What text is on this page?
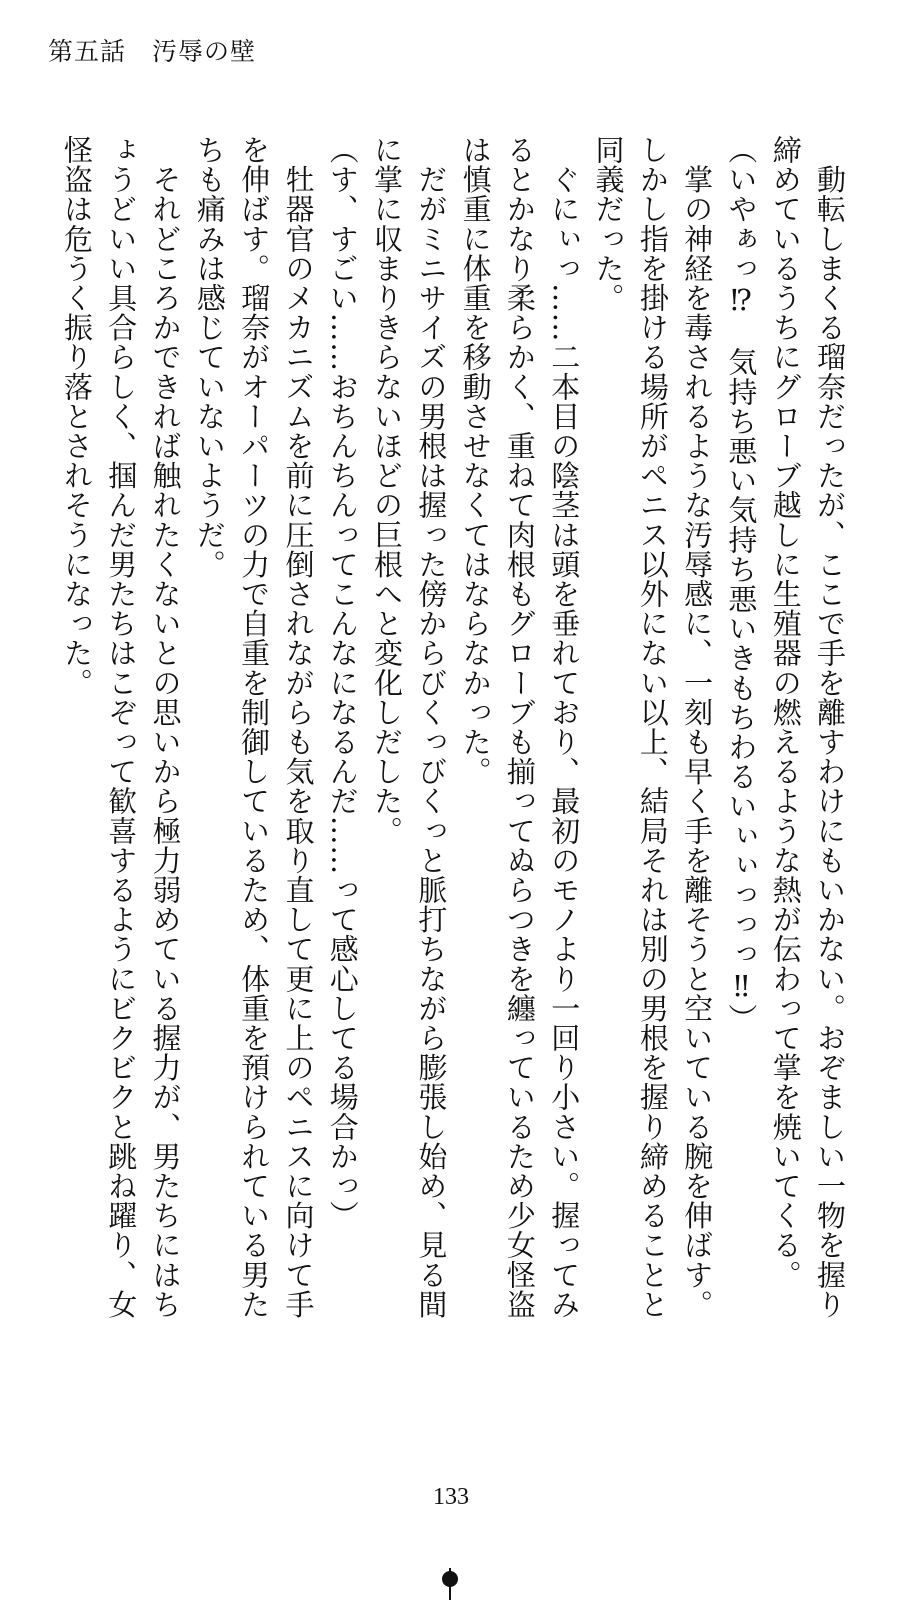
第五話　汚辱の壁
　動転しまくる瑠奈だったが、ここで手を離すわけにもいかない。おぞましい一物を握り
締めているうちにグローブ越しに生殖器の燃えるような熱が伝わって掌を焼いてくる。
（いやぁっ⁉　気持ち悪い気持ち悪いきもちわるいぃぃっっっ‼）
　掌の神経を毒されるような汚辱感に、一刻も早く手を離そうと空いている腕を伸ばす。
しかし指を掛ける場所がペニス以外にない以上、結局それは別の男根を握り締めることと
同義だった。
　ぐにぃっ……二本目の陰茎は頭を垂れており、最初のモノより一回り小さい。握ってみ
るとかなり柔らかく、重ねて肉根もグローブも揃ってぬらつきを纏っているため少女怪盗
は慎重に体重を移動させなくてはならなかった。
　だがミニサイズの男根は握った傍からびくっびくっと脈打ちながら膨張し始め、見る間
に掌に収まりきらないほどの巨根へと変化しだした。
（す、すごい……おちんちんってこんなになるんだ……って感心してる場合かっ）
　牡器官のメカニズムを前に圧倒されながらも気を取り直して更に上のペニスに向けて手
を伸ばす。瑠奈がオーパーツの力で自重を制御しているため、体重を預けられている男た
ちも痛みは感じていないようだ。
　それどころかできれば触れたくないとの思いから極力弱めている握力が、男たちにはち
ょうどいい具合らしく、掴んだ男たちはこぞって歓喜するようにビクビクと跳ね躍り、女
怪盗は危うく振り落とされそうになった。
133
